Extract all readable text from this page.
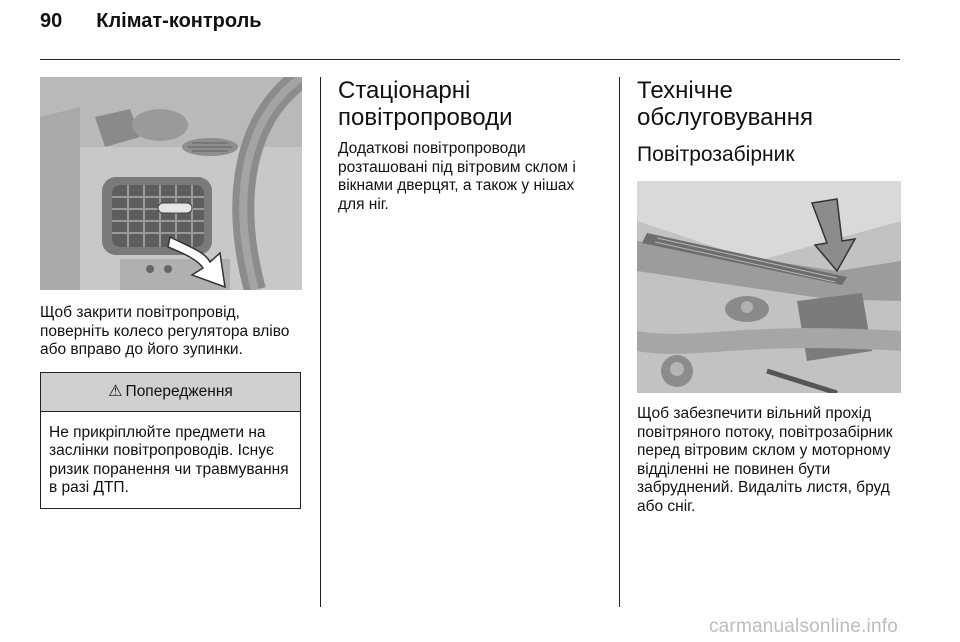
90 Клімат-контроль

Щоб закрити повітропровід, поверніть колесо регулятора вліво або вправо до його зупинки.

⚠ Попередження
Не прикріплюйте предмети на заслінки повітропроводів. Існує ризик поранення чи травмування в разі ДТП.
Стаціонарні повітропроводи

Додаткові повітропроводи розташовані під вітровим склом і вікнами дверцят, а також у нішах для ніг.

Технічне обслуговування
Повітрозабірник

Щоб забезпечити вільний прохід повітряного потоку, повітрозабірник перед вітровим склом у моторному відділенні не повинен бути забруднений. Видаліть листя, бруд або сніг.

carmanualsonline.info
